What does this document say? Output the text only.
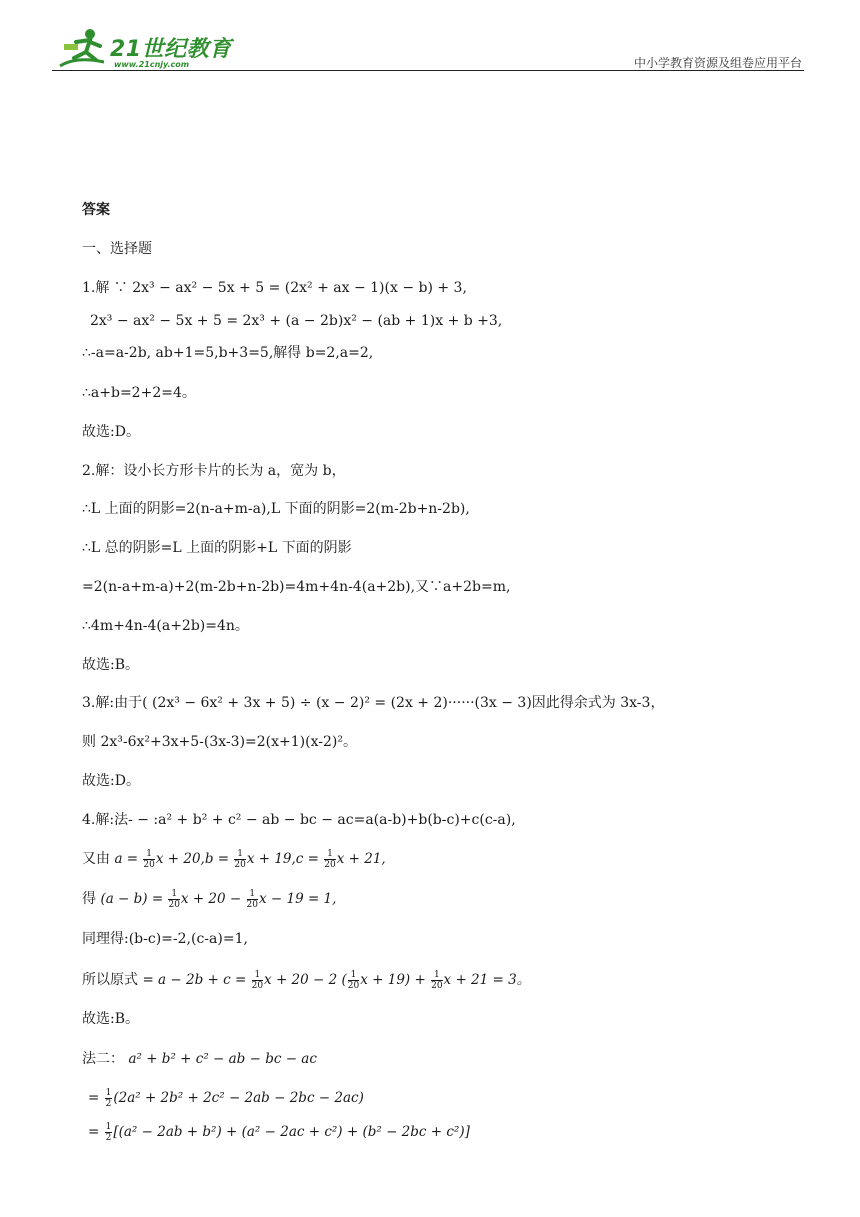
21世纪教育
www.21cnjy.com	中小学教育资源及组卷应用平台
答案
一、选择题
1.解 ∵ 2x³ − ax² − 5x + 5 = (2x² + ax − 1)(x − b) + 3,
2x³ − ax² − 5x + 5 = 2x³ + (a − 2b)x² − (ab + 1)x + b +3,
∴-a=a-2b, ab+1=5,b+3=5,解得 b=2,a=2,
∴a+b=2+2=4。
故选:D。
2.解：设小长方形卡片的长为 a，宽为 b，
∴L 上面的阴影=2(n-a+m-a),L 下面的阴影=2(m-2b+n-2b),
∴L 总的阴影=L 上面的阴影+L 下面的阴影
=2(n-a+m-a)+2(m-2b+n-2b)=4m+4n-4(a+2b),又∵a+2b=m,
∴4m+4n-4(a+2b)=4n。
故选:B。
3.解:由于( (2x³ − 6x² + 3x + 5) ÷ (x − 2)² = (2x + 2)······(3x − 3)因此得余式为 3x-3，
则 2x³-6x²+3x+5-(3x-3)=2(x+1)(x-2)²。
故选:D。
4.解:法- − :a² + b² + c² − ab − bc − ac=a(a-b)+b(b-c)+c(c-a),
又由 $a = \frac{1}{20}$ $x + 20,b = \frac{1}{20}$ $x + 19,c = \frac{1}{20}$ x + 21,
得 $(a - b) = \frac{1}{20}$ $x + 20 - \frac{1}{20}$ x − 19 = 1,
同理得:(b-c)=-2,(c-a)=1,
所以原式 = $a - 2b + c = \frac{1}{20}$ x + 20 − 2 ( $\frac{1}{20}$ $x + 19) + \frac{1}{20}$ x + 21 = 3。
故选:B。
法二： a² + b² + c² − ab − bc − ac
= $\frac{1}{2} (2a^2 + 2b^2 + 2c^2 - 2ab - 2bc - 2ac)$
= $\frac{1}{2} [(a^2 - 2ab + b^2) + (a^2 - 2ac + c^2) + (b^2 - 2bc + c^2)]$
